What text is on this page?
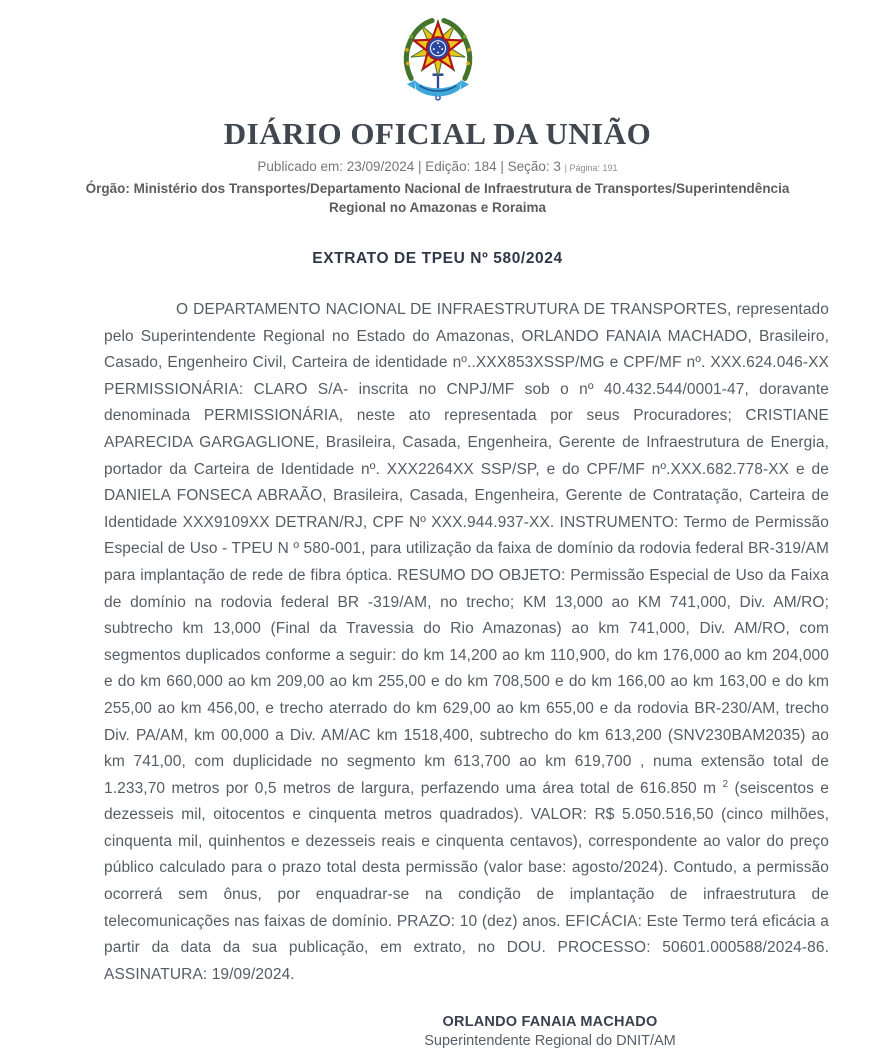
DIÁRIO OFICIAL DA UNIÃO
Publicado em: 23/09/2024 | Edição: 184 | Seção: 3 | Página: 191
Órgão: Ministério dos Transportes/Departamento Nacional de Infraestrutura de Transportes/Superintendência Regional no Amazonas e Roraima
EXTRATO DE TPEU Nº 580/2024

O DEPARTAMENTO NACIONAL DE INFRAESTRUTURA DE TRANSPORTES, representado pelo Superintendente Regional no Estado do Amazonas, ORLANDO FANAIA MACHADO, Brasileiro, Casado, Engenheiro Civil, Carteira de identidade nº..XXX853XSSP/MG e CPF/MF nº. XXX.624.046-XX PERMISSIONÁRIA: CLARO S/A- inscrita no CNPJ/MF sob o nº 40.432.544/0001-47, doravante denominada PERMISSIONÁRIA, neste ato representada por seus Procuradores; CRISTIANE APARECIDA GARGAGLIONE, Brasileira, Casada, Engenheira, Gerente de Infraestrutura de Energia, portador da Carteira de Identidade nº. XXX2264XX SSP/SP, e do CPF/MF nº.XXX.682.778-XX e de DANIELA FONSECA ABRAÃO, Brasileira, Casada, Engenheira, Gerente de Contratação, Carteira de Identidade XXX9109XX DETRAN/RJ, CPF Nº XXX.944.937-XX. INSTRUMENTO: Termo de Permissão Especial de Uso - TPEU N º 580-001, para utilização da faixa de domínio da rodovia federal BR-319/AM para implantação de rede de fibra óptica. RESUMO DO OBJETO: Permissão Especial de Uso da Faixa de domínio na rodovia federal BR -319/AM, no trecho; KM 13,000 ao KM 741,000, Div. AM/RO; subtrecho km 13,000 (Final da Travessia do Rio Amazonas) ao km 741,000, Div. AM/RO, com segmentos duplicados conforme a seguir: do km 14,200 ao km 110,900, do km 176,000 ao km 204,000 e do km 660,000 ao km 209,00 ao km 255,00 e do km 708,500 e do km 166,00 ao km 163,00 e do km 255,00 ao km 456,00, e trecho aterrado do km 629,00 ao km 655,00 e da rodovia BR-230/AM, trecho Div. PA/AM, km 00,000 a Div. AM/AC km 1518,400, subtrecho do km 613,200 (SNV230BAM2035) ao km 741,00, com duplicidade no segmento km 613,700 ao km 619,700 , numa extensão total de 1.233,70 metros por 0,5 metros de largura, perfazendo uma área total de 616.850 m $^2$ (seiscentos e dezesseis mil, oitocentos e cinquenta metros quadrados). VALOR: R$ 5.050.516,50 (cinco milhões, cinquenta mil, quinhentos e dezesseis reais e cinquenta centavos), correspondente ao valor do preço público calculado para o prazo total desta permissão (valor base: agosto/2024). Contudo, a permissão ocorrerá sem ônus, por enquadrar-se na condição de implantação de infraestrutura de telecomunicações nas faixas de domínio. PRAZO: 10 (dez) anos. EFICÁCIA: Este Termo terá eficácia a partir da data da sua publicação, em extrato, no DOU. PROCESSO: 50601.000588/2024-86. ASSINATURA: 19/09/2024.

ORLANDO FANAIA MACHADO
Superintendente Regional do DNIT/AM
